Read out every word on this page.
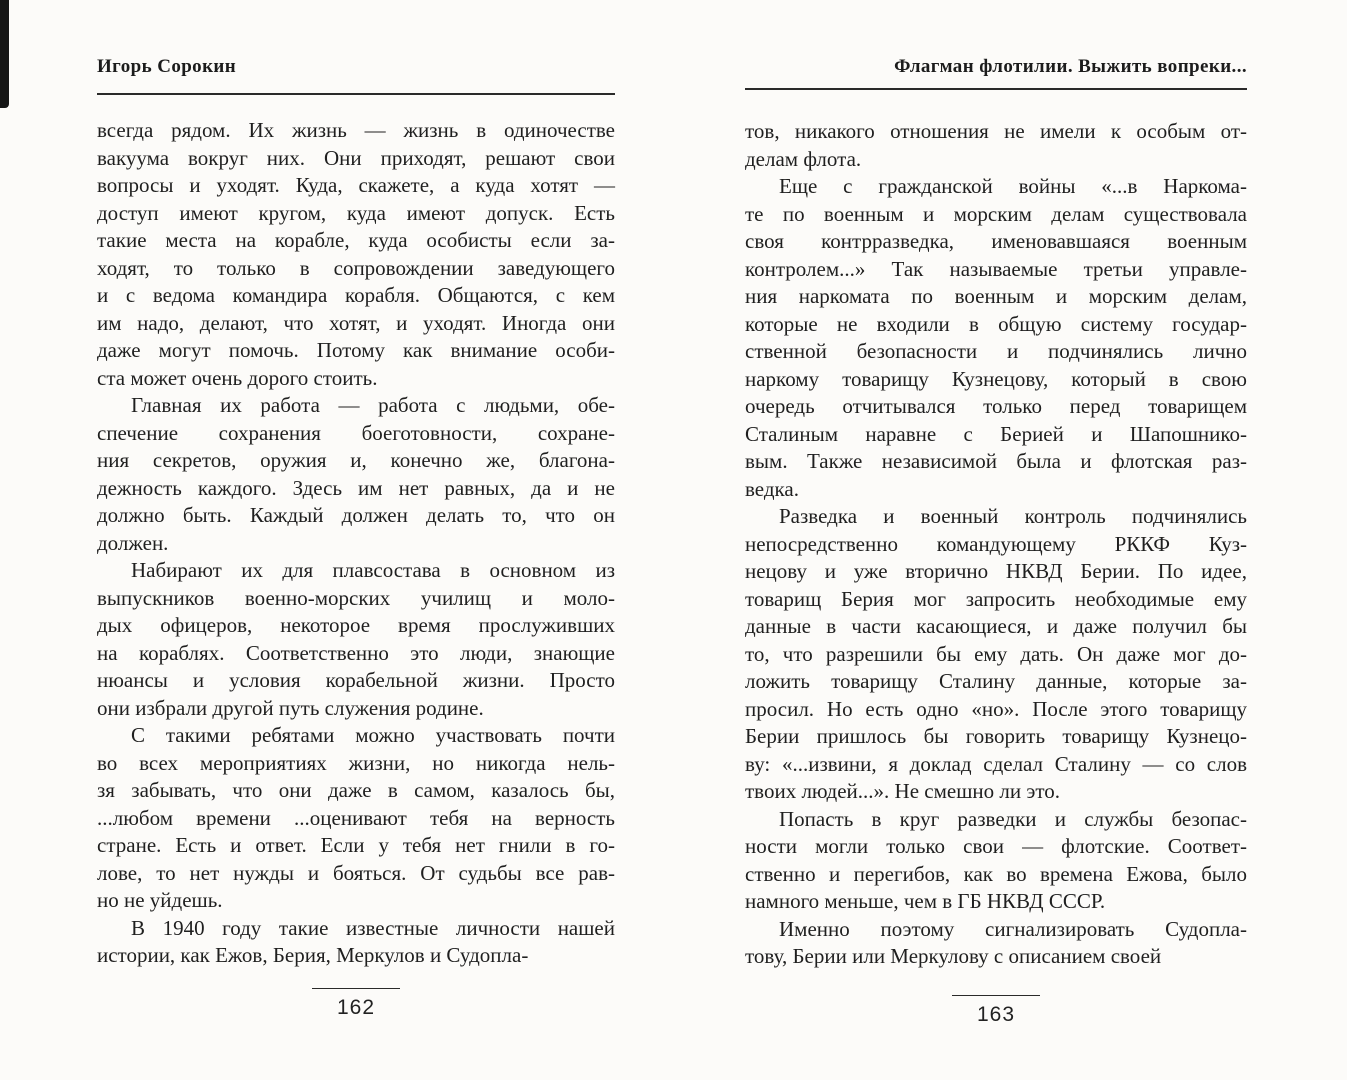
Игорь Сорокин
всегда рядом. Их жизнь — жизнь в одиночестве
вакуума вокруг них. Они приходят, решают свои
вопросы и уходят. Куда, скажете, а куда хотят —
доступ имеют кругом, куда имеют допуск. Есть
такие места на корабле, куда особисты если за-
ходят, то только в сопровождении заведующего
и с ведома командира корабля. Общаются, с кем
им надо, делают, что хотят, и уходят. Иногда они
даже могут помочь. Потому как внимание особи-
ста может очень дорого стоить.
Главная их работа — работа с людьми, обе-
спечение сохранения боеготовности, сохране-
ния секретов, оружия и, конечно же, благона-
дежность каждого. Здесь им нет равных, да и не
должно быть. Каждый должен делать то, что он
должен.
Набирают их для плавсостава в основном из
выпускников военно-морских училищ и моло-
дых офицеров, некоторое время прослуживших
на кораблях. Соответственно это люди, знающие
нюансы и условия корабельной жизни. Просто
они избрали другой путь служения родине.
С такими ребятами можно участвовать почти
во всех мероприятиях жизни, но никогда нель-
зя забывать, что они даже в самом, казалось бы,
...любом времени ...оценивают тебя на верность
стране. Есть и ответ. Если у тебя нет гнили в го-
лове, то нет нужды и бояться. От судьбы все рав-
но не уйдешь.
В 1940 году такие известные личности нашей
истории, как Ежов, Берия, Меркулов и Судопла-
162
Флагман флотилии. Выжить вопреки...
тов, никакого отношения не имели к особым от-
делам флота.
Еще с гражданской войны «...в Наркома-
те по военным и морским делам существовала
своя контрразведка, именовавшаяся военным
контролем...» Так называемые третьи управле-
ния наркомата по военным и морским делам,
которые не входили в общую систему государ-
ственной безопасности и подчинялись лично
наркому товарищу Кузнецову, который в свою
очередь отчитывался только перед товарищем
Сталиным наравне с Берией и Шапошнико-
вым. Также независимой была и флотская раз-
ведка.
Разведка и военный контроль подчинялись
непосредственно командующему РККФ Куз-
нецову и уже вторично НКВД Берии. По идее,
товарищ Берия мог запросить необходимые ему
данные в части касающиеся, и даже получил бы
то, что разрешили бы ему дать. Он даже мог до-
ложить товарищу Сталину данные, которые за-
просил. Но есть одно «но». После этого товарищу
Берии пришлось бы говорить товарищу Кузнецо-
ву: «...извини, я доклад сделал Сталину — со слов
твоих людей...». Не смешно ли это.
Попасть в круг разведки и службы безопас-
ности могли только свои — флотские. Соответ-
ственно и перегибов, как во времена Ежова, было
намного меньше, чем в ГБ НКВД СССР.
Именно поэтому сигнализировать Судопла-
тову, Берии или Меркулову с описанием своей
163
